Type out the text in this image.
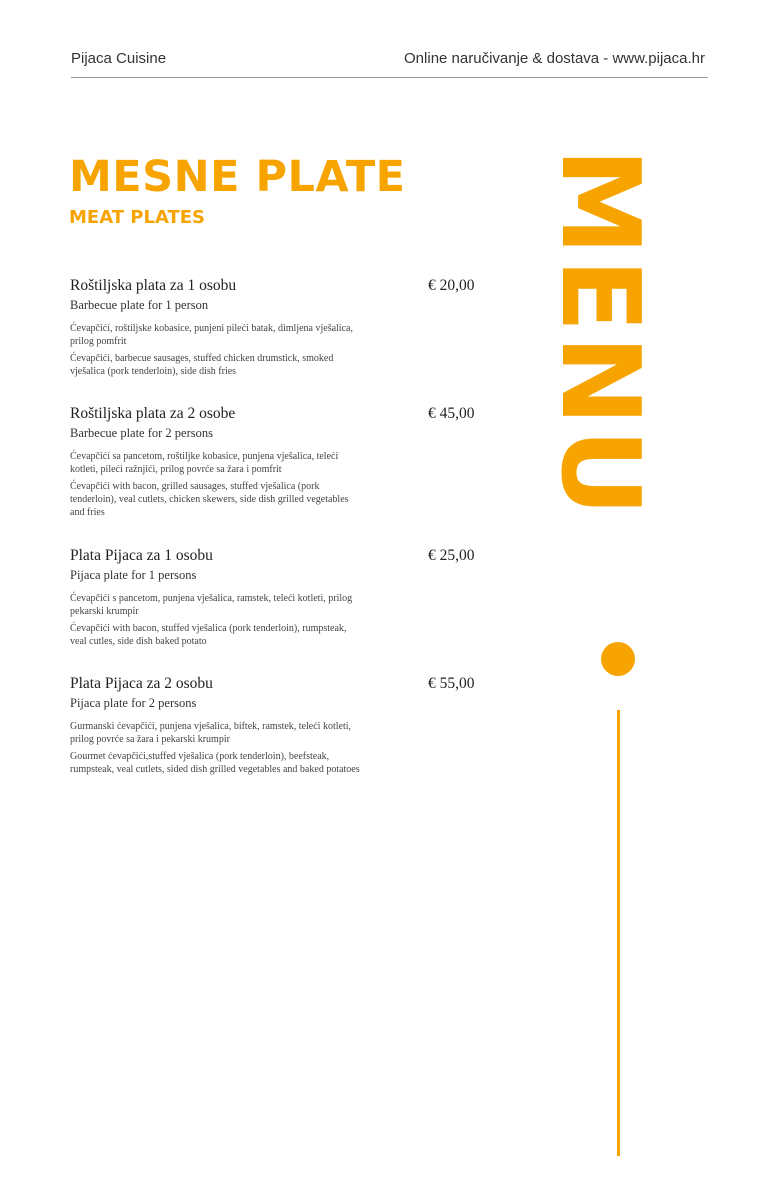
Pijaca Cuisine	Online naručivanje & dostava - www.pijaca.hr
MESNE PLATE
MEAT PLATES	MENU
Roštiljska plata za 1 osobu	€ 20,00
Barbecue plate for 1 person
Ćevapčići, roštiljske kobasice, punjeni pileći batak, dimljena vješalica, prilog pomfrit
Ćevapčići, barbecue sausages, stuffed chicken drumstick, smoked vješalica (pork tenderloin), side dish fries
Roštiljska plata za 2 osobe	€ 45,00
Barbecue plate for 2 persons
Ćevapčići sa pancetom, roštiljke kobasice, punjena vješalica, teleći kotleti, pileći ražnjići, prilog povrće sa žara i pomfrit
Ćevapčići with bacon, grilled sausages, stuffed vješalica (pork tenderloin), veal cutlets, chicken skewers, side dish grilled vegetables and fries
Plata Pijaca za 1 osobu	€ 25,00
Pijaca plate for 1 persons
Ćevapčići s pancetom, punjena vješalica, ramstek, teleći kotleti, prilog pekarski krumpir
Ćevapčići with bacon, stuffed vješalica (pork tenderloin), rumpsteak, veal cutles, side dish baked potato
Plata Pijaca za 2 osobu	€ 55,00
Pijaca plate for 2 persons
Gurmanski ćevapčići, punjena vješalica, biftek, ramstek, teleći kotleti, prilog povrće sa žara i pekarski krumpir
Gourmet ćevapčići,stuffed vješalica (pork tenderloin), beefsteak, rumpsteak, veal cutlets, sided dish grilled vegetables and baked potatoes
